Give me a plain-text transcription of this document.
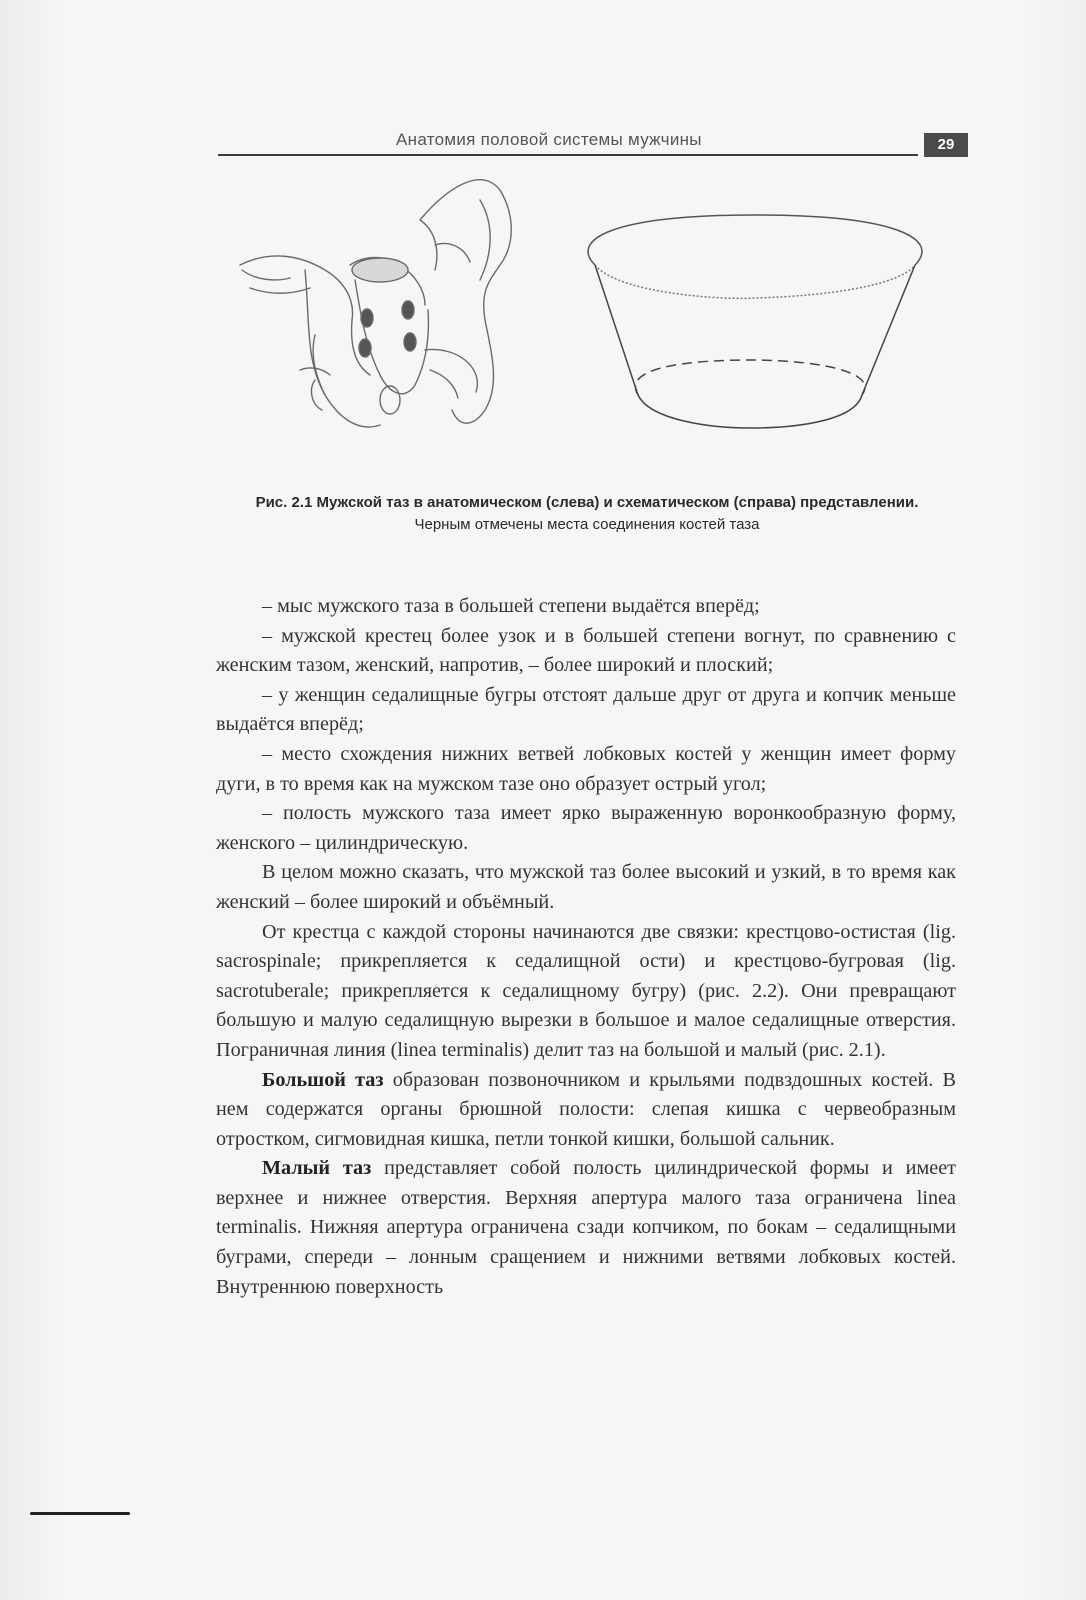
Анатомия половой системы мужчины	29
Рис. 2.1 Мужской таз в анатомическом (слева) и схематическом (справа) представлении.
Черным отмечены места соединения костей таза

– мыс мужского таза в большей степени выдаётся вперёд;

– мужской крестец более узок и в большей степени вогнут, по сравнению с женским тазом, женский, напротив, – более широкий и плоский;

– у женщин седалищные бугры отстоят дальше друг от друга и копчик меньше выдаётся вперёд;

– место схождения нижних ветвей лобковых костей у женщин имеет форму дуги, в то время как на мужском тазе оно образует острый угол;

– полость мужского таза имеет ярко выраженную воронкообразную форму, женского – цилиндрическую.

В целом можно сказать, что мужской таз более высокий и узкий, в то время как женский – более широкий и объёмный.

От крестца с каждой стороны начинаются две связки: крестцово-остистая (lig. sacrospinale; прикрепляется к седалищной ости) и крестцово-бугровая (lig. sacrotuberale; прикрепляется к седалищному бугру) (рис. 2.2). Они превращают большую и малую седалищную вырезки в большое и малое седалищные отверстия. Пограничная линия (linea terminalis) делит таз на большой и малый (рис. 2.1).

Большой таз образован позвоночником и крыльями подвздошных костей. В нем содержатся органы брюшной полости: слепая кишка с червеобразным отростком, сигмовидная кишка, петли тонкой кишки, большой сальник.

Малый таз представляет собой полость цилиндрической формы и имеет верхнее и нижнее отверстия. Верхняя апертура малого таза ограничена linea terminalis. Нижняя апертура ограничена сзади копчиком, по бокам – седалищными буграми, спереди – лонным сращением и нижними ветвями лобковых костей. Внутреннюю поверхность
